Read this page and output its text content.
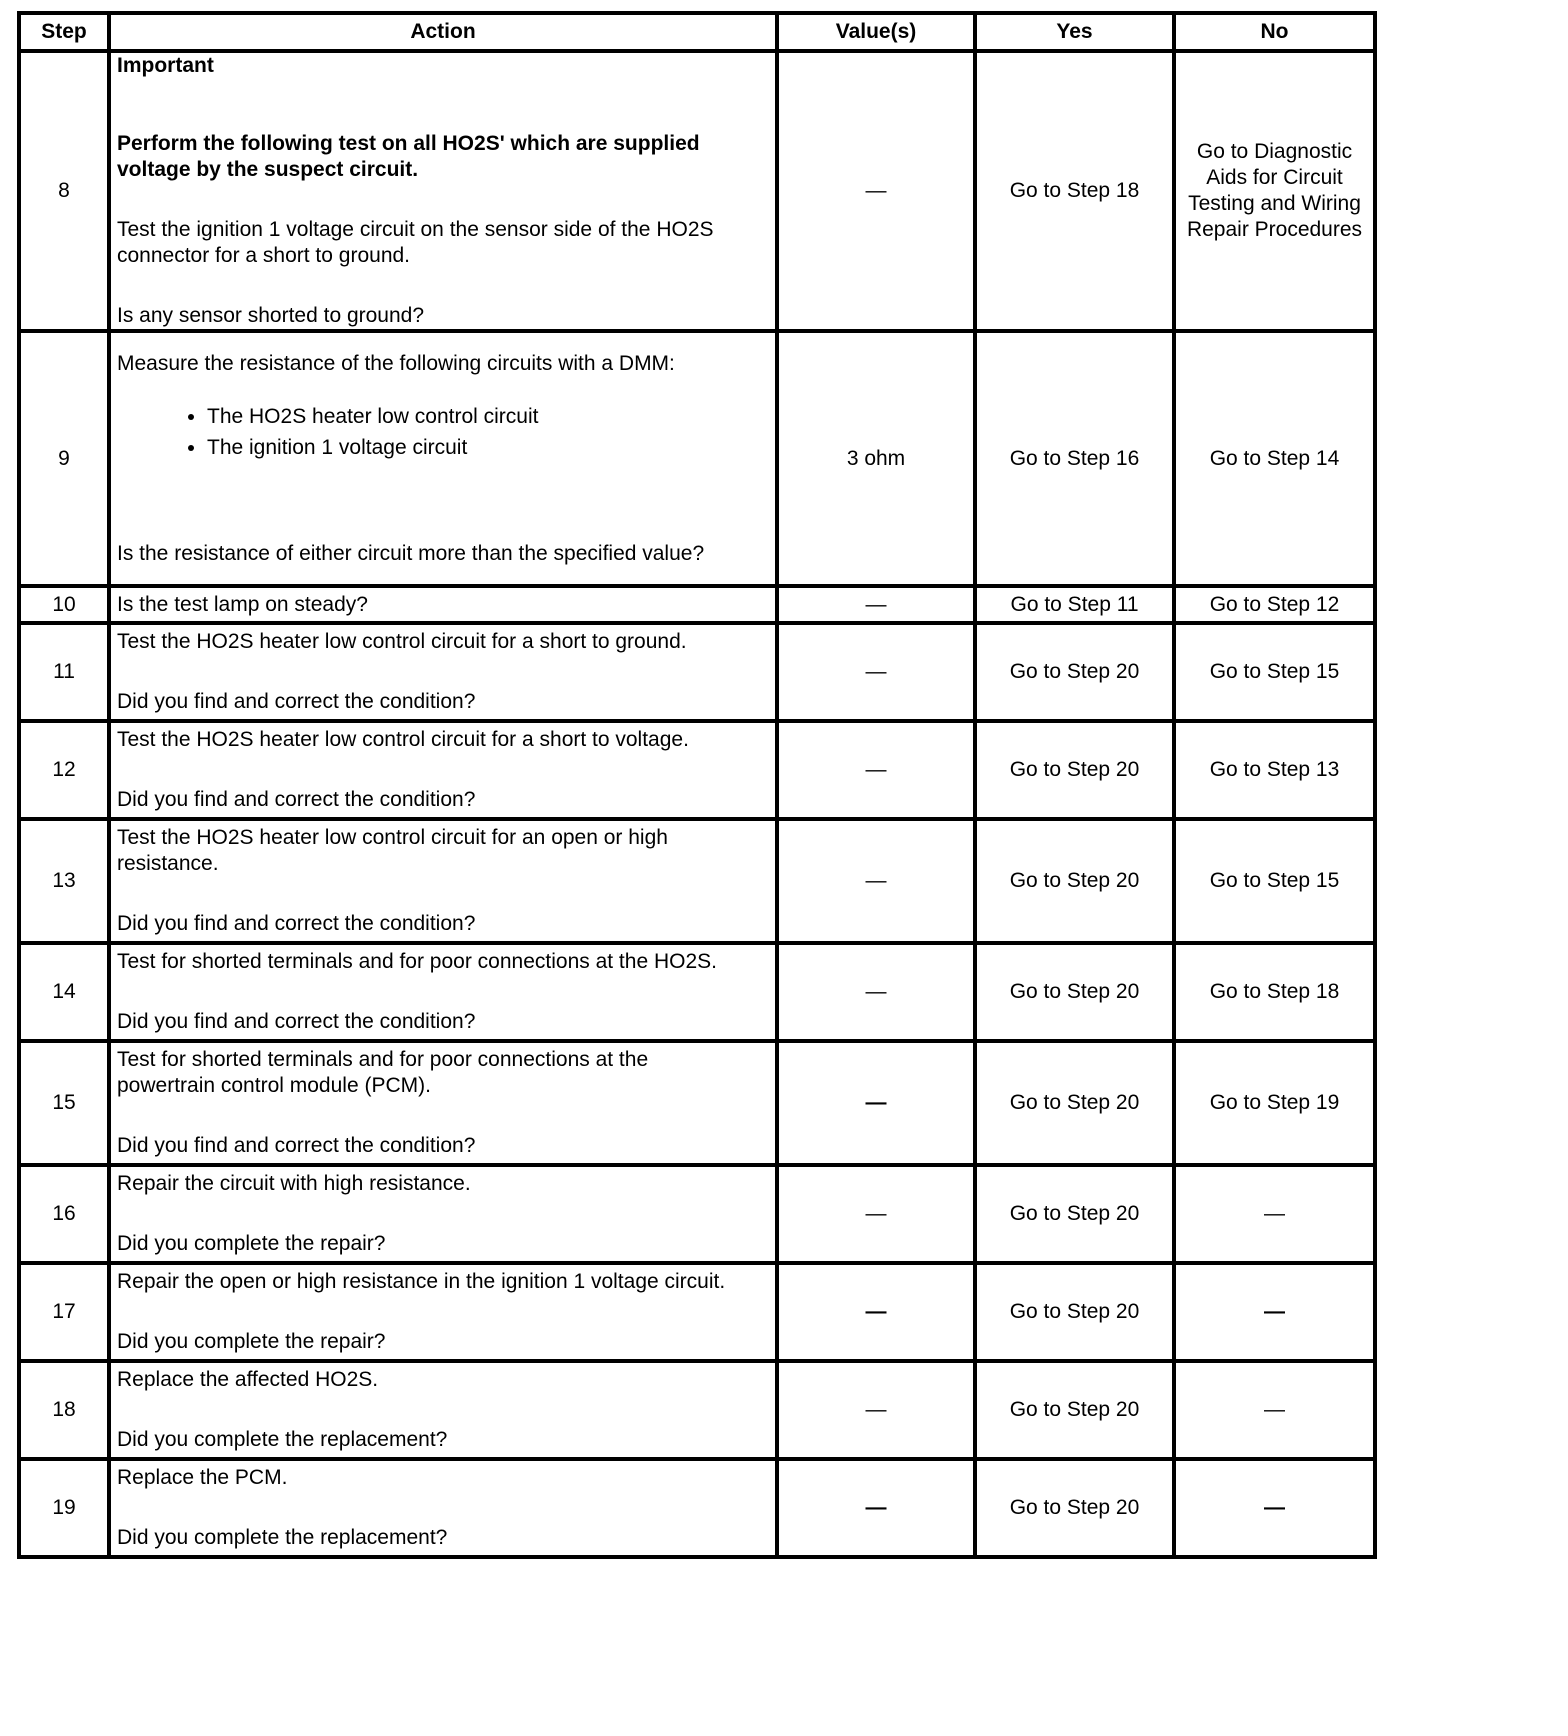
Step	Action	Value(s)	Yes	No
8	Important
Perform the following test on all HO2S' which are supplied voltage by the suspect circuit.
Test the ignition 1 voltage circuit on the sensor side of the HO2S connector for a short to ground.
Is any sensor shorted to ground?	—	Go to Step 18	Go to Diagnostic Aids for Circuit Testing and Wiring Repair Procedures
9	
Measure the resistance of the following circuits with a DMM:
• The HO2S heater low control circuit
• The ignition 1 voltage circuit
Is the resistance of either circuit more than the specified value?
	3 ohm	Go to Step 16	Go to Step 14
10	Is the test lamp on steady?	—	Go to Step 11	Go to Step 12
11	Test the HO2S heater low control circuit for a short to ground.
Did you find and correct the condition?	—	Go to Step 20	Go to Step 15
12	Test the HO2S heater low control circuit for a short to voltage.
Did you find and correct the condition?	—	Go to Step 20	Go to Step 13
13	Test the HO2S heater low control circuit for an open or high resistance.
Did you find and correct the condition?	—	Go to Step 20	Go to Step 15
14	Test for shorted terminals and for poor connections at the HO2S.
Did you find and correct the condition?	—	Go to Step 20	Go to Step 18
15	Test for shorted terminals and for poor connections at the powertrain control module (PCM).
Did you find and correct the condition?	—	Go to Step 20	Go to Step 19
16	Repair the circuit with high resistance.
Did you complete the repair?	—	Go to Step 20	—
17	Repair the open or high resistance in the ignition 1 voltage circuit.
Did you complete the repair?	—	Go to Step 20	—
18	Replace the affected HO2S.
Did you complete the replacement?	—	Go to Step 20	—
19	Replace the PCM.
Did you complete the replacement?	—	Go to Step 20	—
